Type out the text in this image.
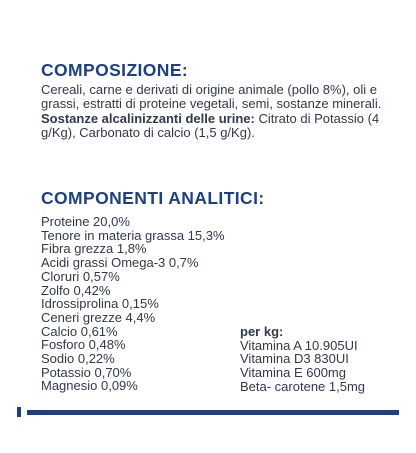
COMPOSIZIONE:

Cereali, carne e derivati di origine animale (pollo 8%), oli e grassi, estratti di proteine vegetali, semi, sostanze minerali.

Sostanze alcalinizzanti delle urine: Citrato di Potassio (4 g/Kg), Carbonato di calcio (1,5 g/Kg).

COMPONENTI ANALITICI:
Proteine 20,0%
Tenore in materia grassa 15,3%
Fibra grezza 1,8%
Acidi grassi Omega-3 0,7%
Cloruri 0,57%
Zolfo 0,42%
Idrossiprolina 0,15%
Ceneri grezze 4,4%
Calcio 0,61%
Fosforo 0,48%
Sodio 0,22%
Potassio 0,70%
Magnesio 0,09%
per kg:
Vitamina A 10.905UI
Vitamina D3 830UI
Vitamina E 600mg
Beta- carotene 1,5mg
